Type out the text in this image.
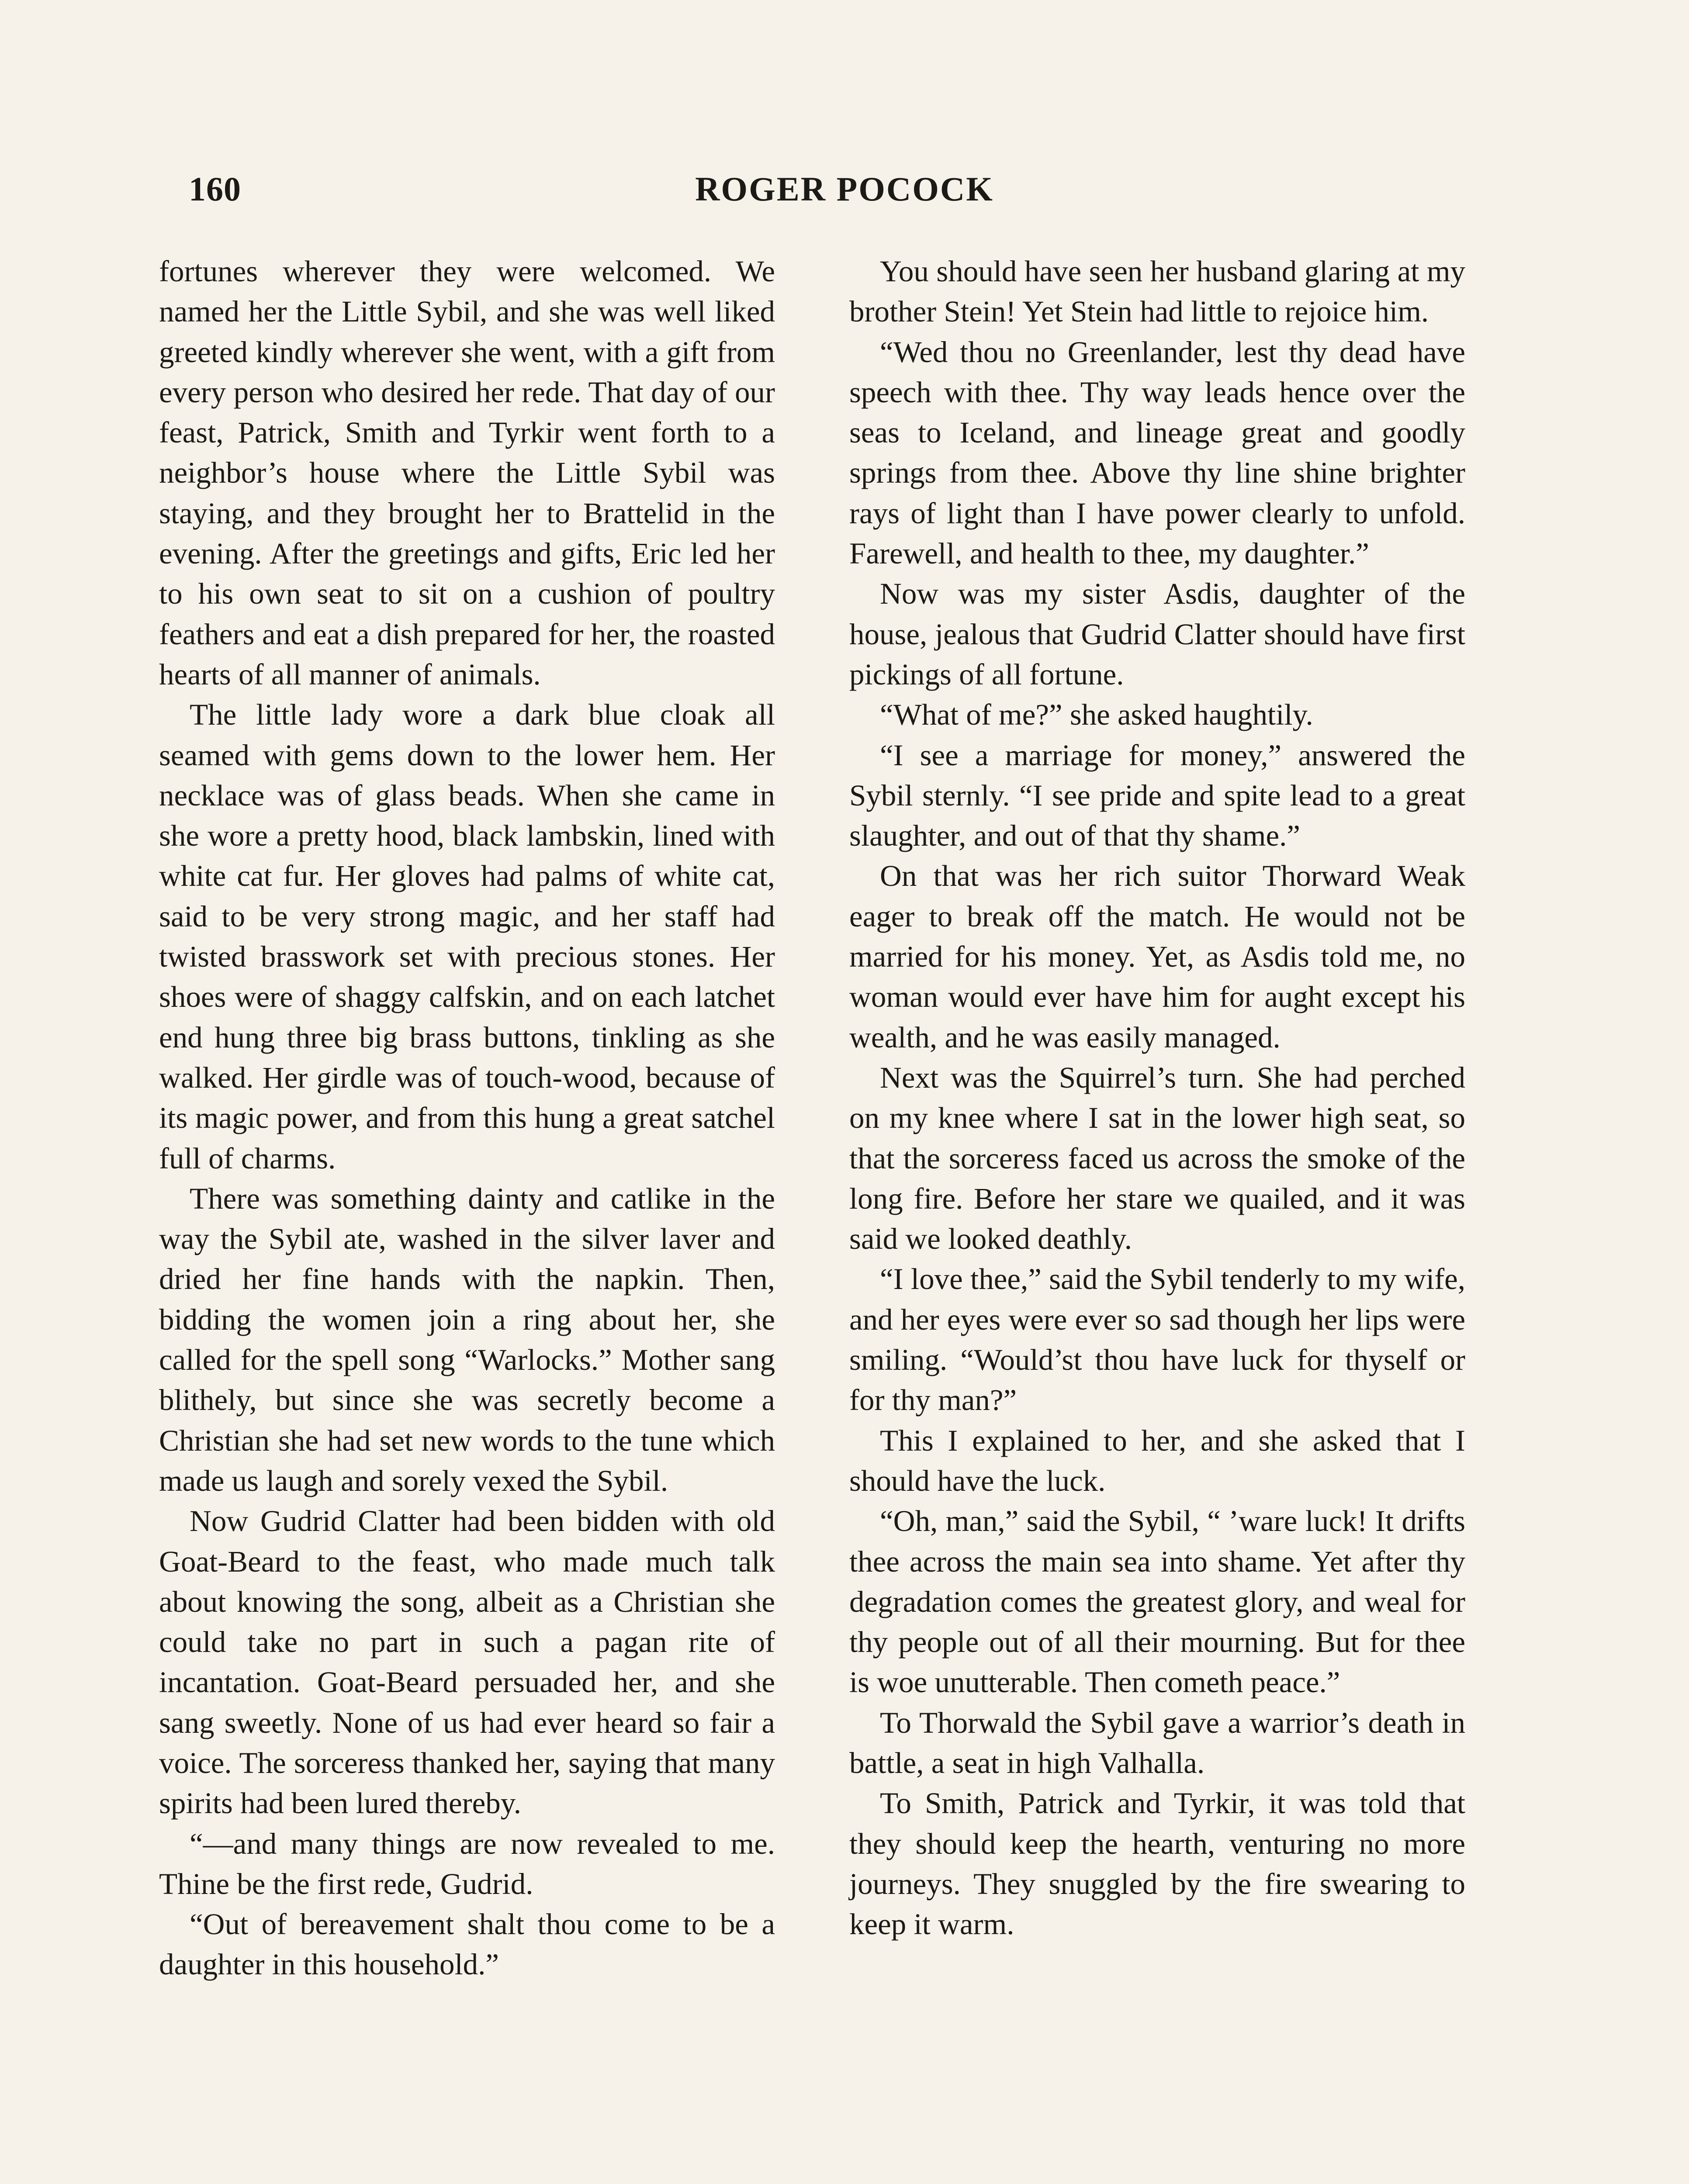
160	ROGER POCOCK

fortunes wherever they were welcomed. We named her the Little Sybil, and she was well liked greeted kindly wherever she went, with a gift from every person who desired her rede. That day of our feast, Patrick, Smith and Tyrkir went forth to a neighbor’s house where the Little Sybil was staying, and they brought her to Brattelid in the evening. After the greetings and gifts, Eric led her to his own seat to sit on a cushion of poultry feathers and eat a dish prepared for her, the roasted hearts of all manner of animals.

The little lady wore a dark blue cloak all seamed with gems down to the lower hem. Her necklace was of glass beads. When she came in she wore a pretty hood, black lambskin, lined with white cat fur. Her gloves had palms of white cat, said to be very strong magic, and her staff had twisted brasswork set with precious stones. Her shoes were of shaggy calfskin, and on each latchet end hung three big brass buttons, tinkling as she walked. Her girdle was of touch-wood, because of its magic power, and from this hung a great satchel full of charms.

There was something dainty and catlike in the way the Sybil ate, washed in the silver laver and dried her fine hands with the napkin. Then, bidding the women join a ring about her, she called for the spell song “Warlocks.” Mother sang blithely, but since she was secretly become a Christian she had set new words to the tune which made us laugh and sorely vexed the Sybil.

Now Gudrid Clatter had been bidden with old Goat-Beard to the feast, who made much talk about knowing the song, albeit as a Christian she could take no part in such a pagan rite of incantation. Goat-Beard persuaded her, and she sang sweetly. None of us had ever heard so fair a voice. The sorceress thanked her, saying that many spirits had been lured thereby.

“—and many things are now revealed to me. Thine be the first rede, Gudrid.

“Out of bereavement shalt thou come to be a daughter in this household.”

You should have seen her husband glaring at my brother Stein! Yet Stein had little to rejoice him.

“Wed thou no Greenlander, lest thy dead have speech with thee. Thy way leads hence over the seas to Iceland, and lineage great and goodly springs from thee. Above thy line shine brighter rays of light than I have power clearly to unfold. Farewell, and health to thee, my daughter.”

Now was my sister Asdis, daughter of the house, jealous that Gudrid Clatter should have first pickings of all fortune.

“What of me?” she asked haughtily.

“I see a marriage for money,” answered the Sybil sternly. “I see pride and spite lead to a great slaughter, and out of that thy shame.”

On that was her rich suitor Thorward Weak eager to break off the match. He would not be married for his money. Yet, as Asdis told me, no woman would ever have him for aught except his wealth, and he was easily managed.

Next was the Squirrel’s turn. She had perched on my knee where I sat in the lower high seat, so that the sorceress faced us across the smoke of the long fire. Before her stare we quailed, and it was said we looked deathly.

“I love thee,” said the Sybil tenderly to my wife, and her eyes were ever so sad though her lips were smiling. “Would’st thou have luck for thyself or for thy man?”

This I explained to her, and she asked that I should have the luck.

“Oh, man,” said the Sybil, “ ’ware luck! It drifts thee across the main sea into shame. Yet after thy degradation comes the greatest glory, and weal for thy people out of all their mourning. But for thee is woe unutterable. Then cometh peace.”

To Thorwald the Sybil gave a warrior’s death in battle, a seat in high Valhalla.

To Smith, Patrick and Tyrkir, it was told that they should keep the hearth, venturing no more journeys. They snuggled by the fire swearing to keep it warm.
